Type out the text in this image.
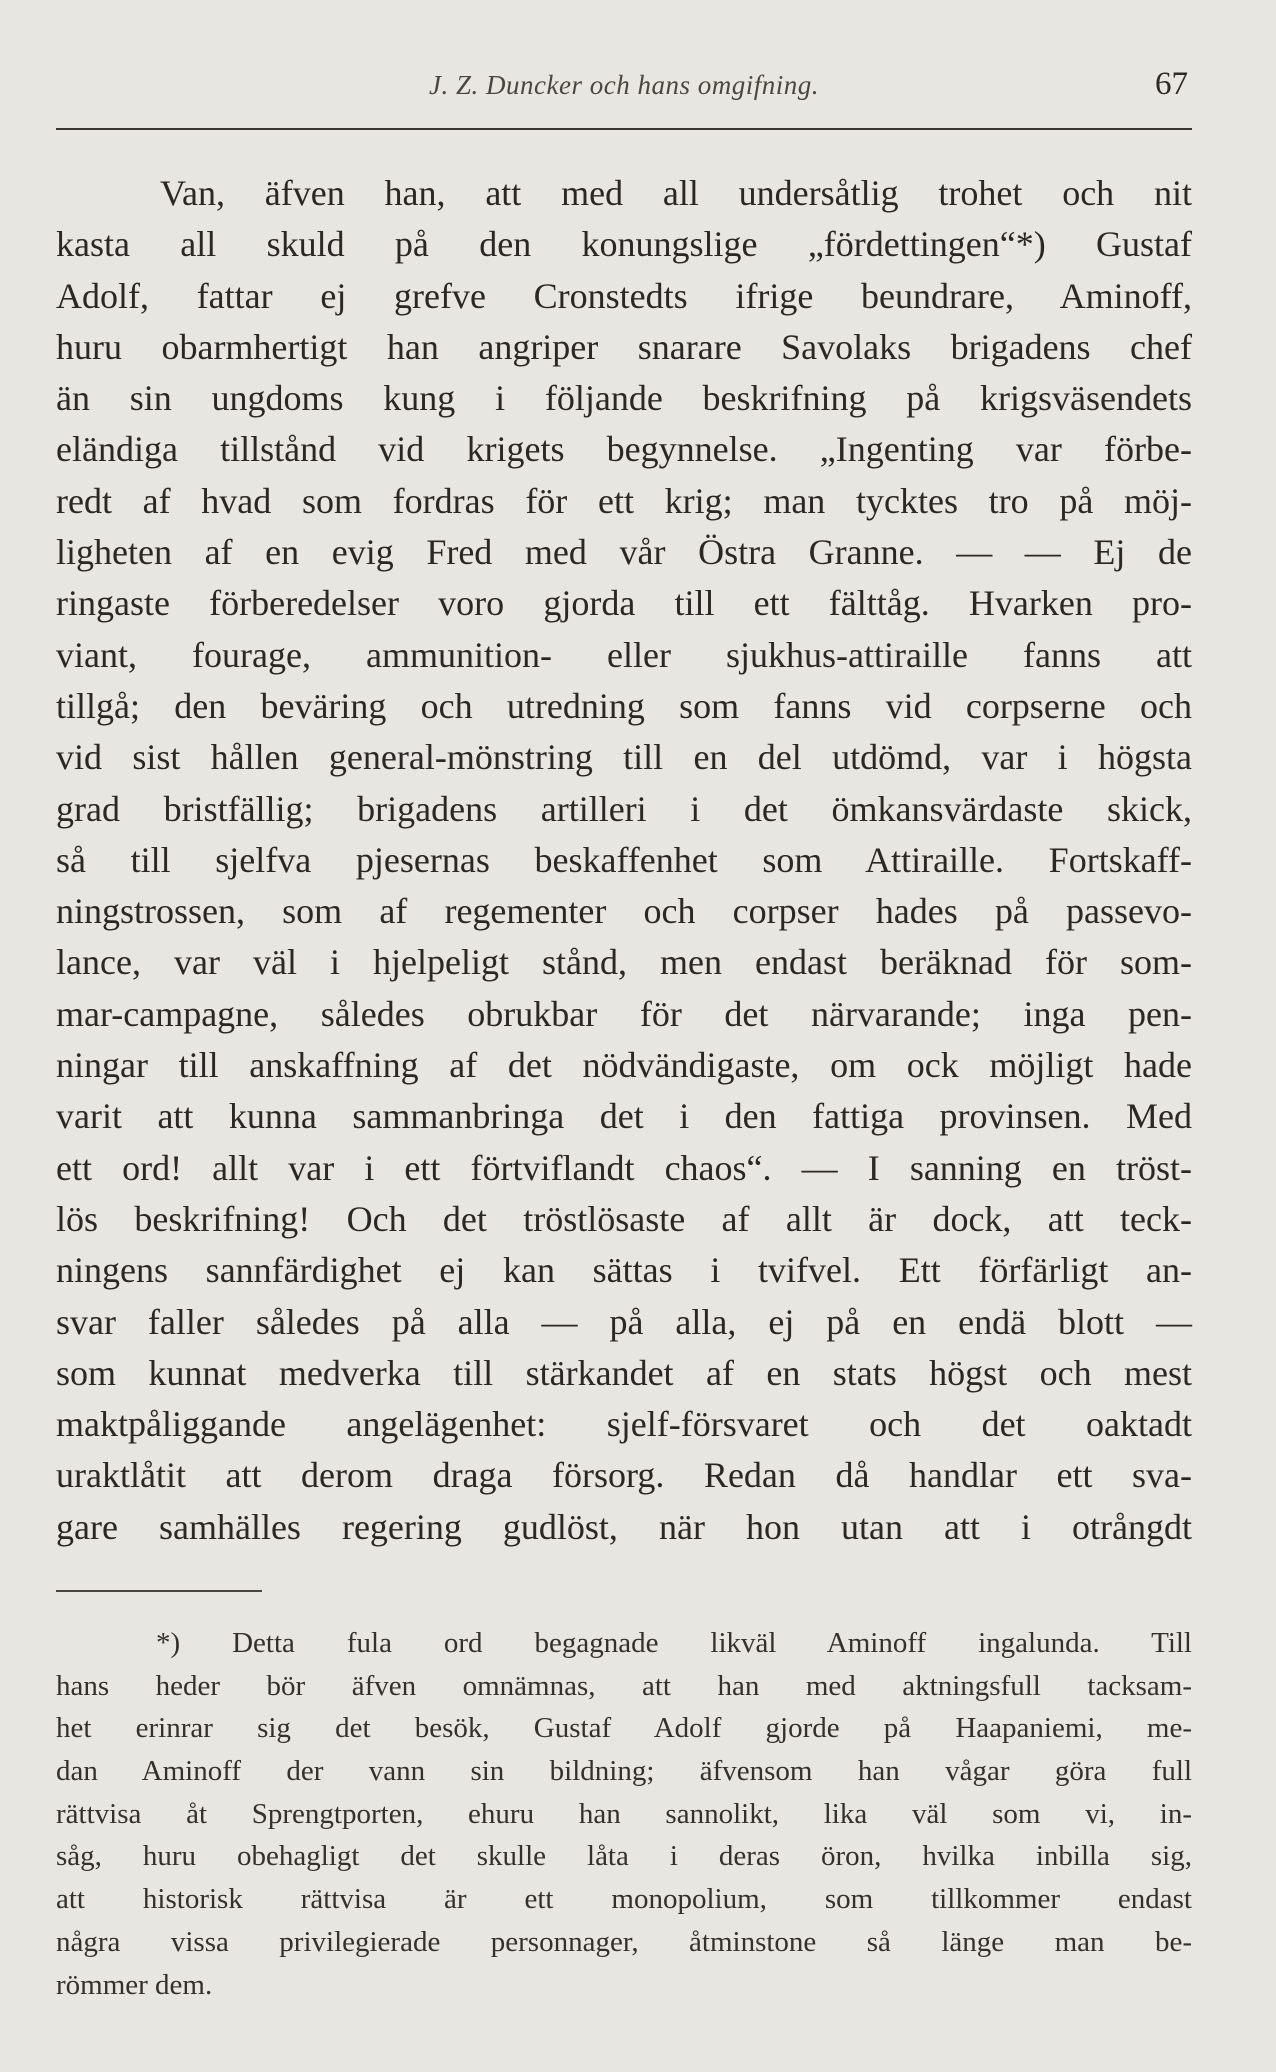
J. Z. Duncker och hans omgifning.	67
Van, äfven han, att med all undersåtlig trohet och nit
kasta all skuld på den konungslige „fördettingen“*) Gustaf
Adolf, fattar ej grefve Cronstedts ifrige beundrare, Aminoff,
huru obarmhertigt han angriper snarare Savolaks brigadens chef
än sin ungdoms kung i följande beskrifning på krigsväsendets
eländiga tillstånd vid krigets begynnelse. „Ingenting var förbe-
redt af hvad som fordras för ett krig; man tycktes tro på möj-
ligheten af en evig Fred med vår Östra Granne. — — Ej de
ringaste förberedelser voro gjorda till ett fälttåg. Hvarken pro-
viant, fourage, ammunition- eller sjukhus-attiraille fanns att
tillgå; den beväring och utredning som fanns vid corpserne och
vid sist hållen general-mönstring till en del utdömd, var i högsta
grad bristfällig; brigadens artilleri i det ömkansvärdaste skick,
så till sjelfva pjesernas beskaffenhet som Attiraille. Fortskaff-
ningstrossen, som af regementer och corpser hades på passevo-
lance, var väl i hjelpeligt stånd, men endast beräknad för som-
mar-campagne, således obrukbar för det närvarande; inga pen-
ningar till anskaffning af det nödvändigaste, om ock möjligt hade
varit att kunna sammanbringa det i den fattiga provinsen. Med
ett ord! allt var i ett förtviflandt chaos“. — I sanning en tröst-
lös beskrifning! Och det tröstlösaste af allt är dock, att teck-
ningens sannfärdighet ej kan sättas i tvifvel. Ett förfärligt an-
svar faller således på alla — på alla, ej på en endä blott —
som kunnat medverka till stärkandet af en stats högst och mest
maktpåliggande angelägenhet: sjelf-försvaret och det oaktadt
uraktlåtit att derom draga försorg. Redan då handlar ett sva-
gare samhälles regering gudlöst, när hon utan att i otrångdt
*) Detta fula ord begagnade likväl Aminoff ingalunda. Till
hans heder bör äfven omnämnas, att han med aktningsfull tacksam-
het erinrar sig det besök, Gustaf Adolf gjorde på Haapaniemi, me-
dan Aminoff der vann sin bildning; äfvensom han vågar göra full
rättvisa åt Sprengtporten, ehuru han sannolikt, lika väl som vi, in-
såg, huru obehagligt det skulle låta i deras öron, hvilka inbilla sig,
att historisk rättvisa är ett monopolium, som tillkommer endast
några vissa privilegierade personnager, åtminstone så länge man be-
römmer dem.
